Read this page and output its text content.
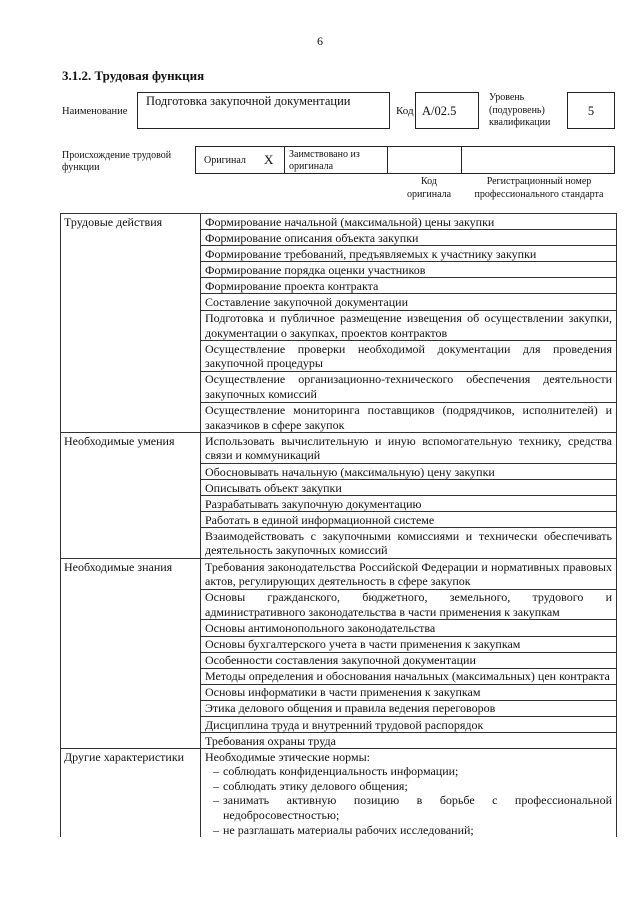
6
3.1.2. Трудовая функция
Наименование
Подготовка закупочной документации
Код A/02.5
Уровень
(подуровень)
квалификации
5
Происхождение трудовой
функции
Оригинал X Заимствовано из
оригинала
Код
оригинала
Регистрационный номер
профессионального стандарта
Трудовые действия	Формирование начальной (максимальной) цены закупки
	Формирование описания объекта закупки
	Формирование требований, предъявляемых к участнику закупки
	Формирование порядка оценки участников
	Формирование проекта контракта
	Составление закупочной документации
	Подготовка и публичное размещение извещения об осуществлении закупки, документации о закупках, проектов контрактов
	Осуществление проверки необходимой документации для проведения закупочной процедуры
	Осуществление организационно-технического обеспечения деятельности закупочных комиссий
	Осуществление мониторинга поставщиков (подрядчиков, исполнителей) и заказчиков в сфере закупок
Необходимые умения	Использовать вычислительную и иную вспомогательную технику, средства связи и коммуникаций
	Обосновывать начальную (максимальную) цену закупки
	Описывать объект закупки
	Разрабатывать закупочную документацию
	Работать в единой информационной системе
	Взаимодействовать с закупочными комиссиями и технически обеспечивать деятельность закупочных комиссий
Необходимые знания	Требования законодательства Российской Федерации и нормативных правовых актов, регулирующих деятельность в сфере закупок
	Основы гражданского, бюджетного, земельного, трудового и административного законодательства в части применения к закупкам
	Основы антимонопольного законодательства
	Основы бухгалтерского учета в части применения к закупкам
	Особенности составления закупочной документации
	Методы определения и обоснования начальных (максимальных) цен контракта
	Основы информатики в части применения к закупкам
	Этика делового общения и правила ведения переговоров
	Дисциплина труда и внутренний трудовой распорядок
	Требования охраны труда
Другие характеристики	Необходимые этические нормы:
– соблюдать конфиденциальность информации;
– соблюдать этику делового общения;
– занимать активную позицию в борьбе с профессиональной недобросовестностью;
– не разглашать материалы рабочих исследований;
